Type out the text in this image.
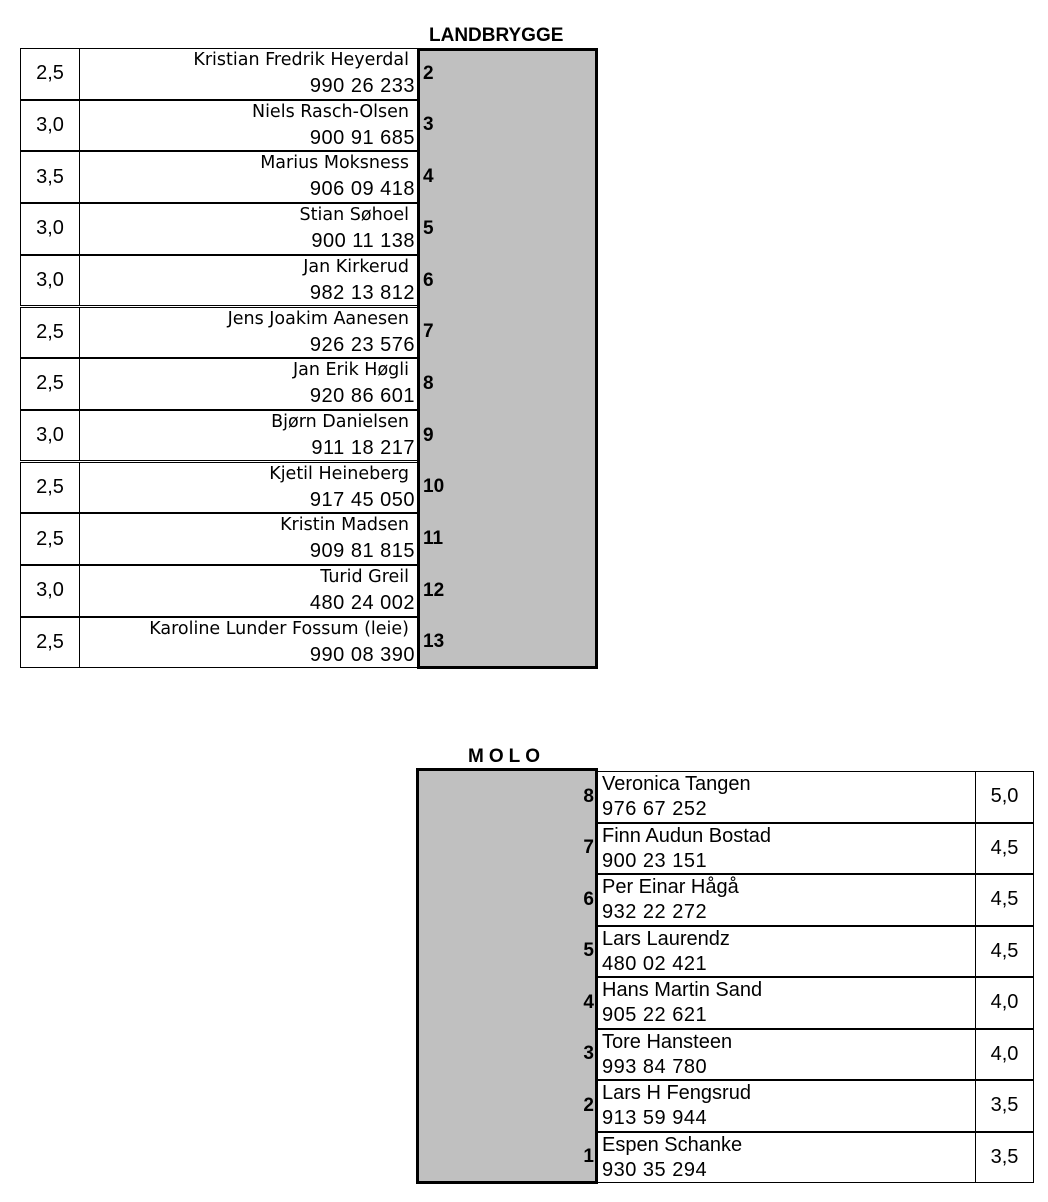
LANDBRYGGE
2,5
Kristian Fredrik Heyerdal
990 26 233
2
3,0
Niels Rasch-Olsen
900 91 685
3
3,5
Marius Moksness
906 09 418
4
3,0
Stian Søhoel
900 11 138
5
3,0
Jan Kirkerud
982 13 812
6
2,5
Jens Joakim Aanesen
926 23 576
7
2,5
Jan Erik Høgli
920 86 601
8
3,0
Bjørn Danielsen
911 18 217
9
2,5
Kjetil Heineberg
917 45 050
10
2,5
Kristin Madsen
909 81 815
11
3,0
Turid Greil
480 24 002
12
2,5
Karoline Lunder Fossum (leie)
990 08 390
13
MOLO
8
Veronica Tangen
976 67 252
5,0
7
Finn Audun Bostad
900 23 151
4,5
6
Per Einar Hågå
932 22 272
4,5
5
Lars Laurendz
480 02 421
4,5
4
Hans Martin Sand
905 22 621
4,0
3
Tore Hansteen
993 84 780
4,0
2
Lars H Fengsrud
913 59 944
3,5
1
Espen Schanke
930 35 294
3,5
